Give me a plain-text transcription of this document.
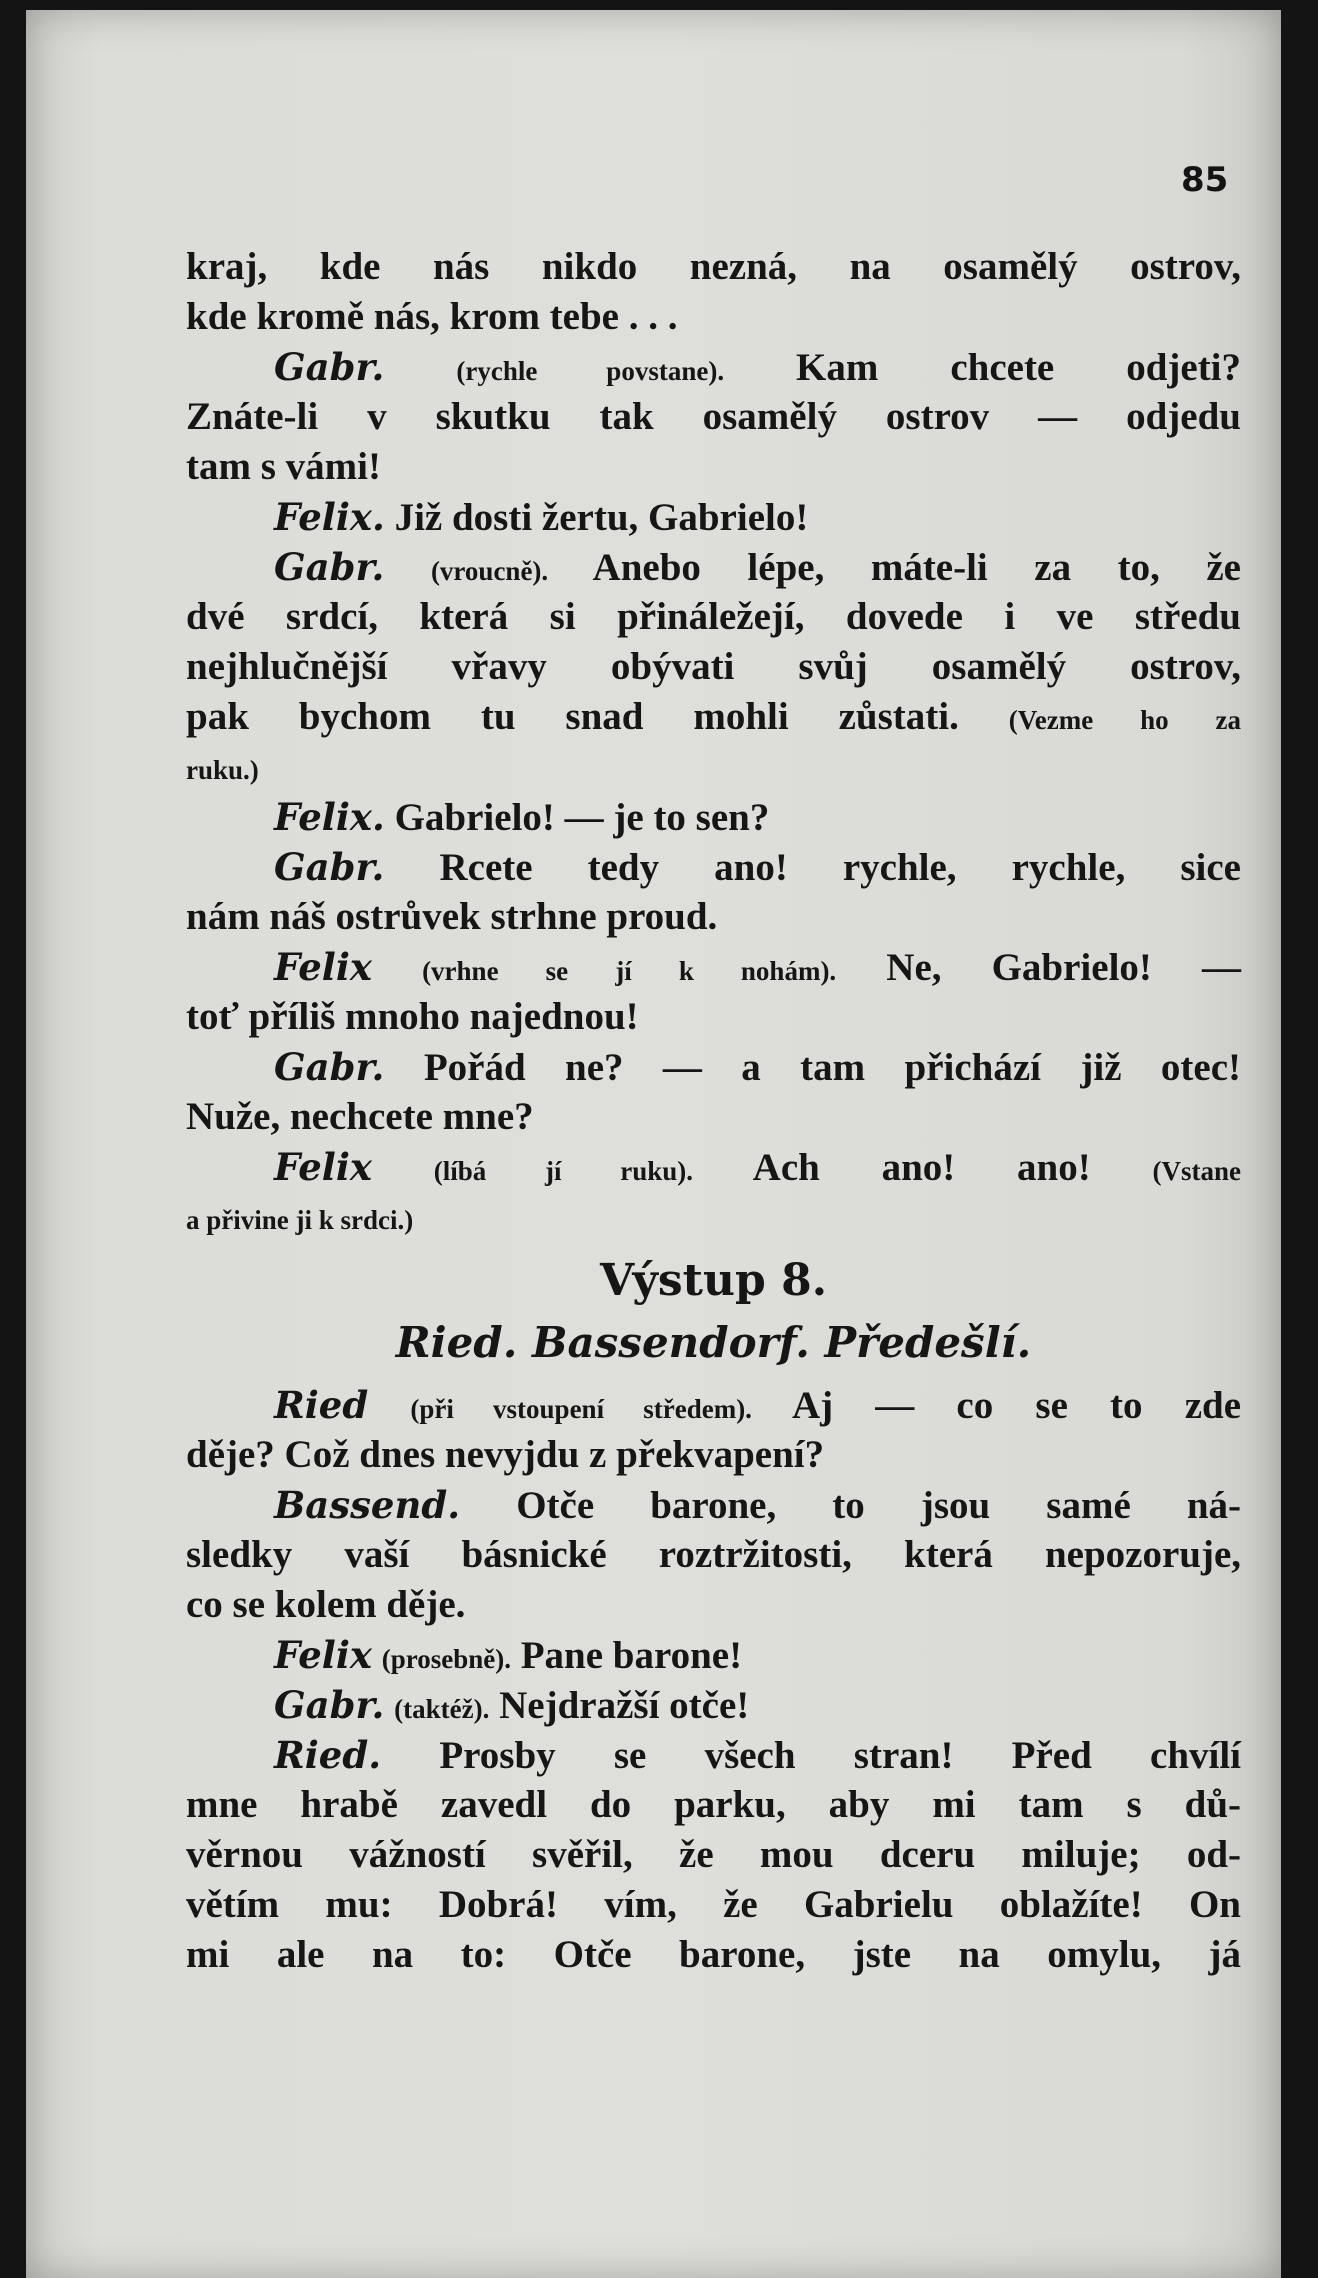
85
kraj, kde nás nikdo nezná, na osamělý ostrov,
kde kromě nás, krom tebe . . .
Gabr.	(rychle povstane). Kam chcete odjeti?
Znáte-li v skutku tak osamělý ostrov — odjedu
tam s vámi!
Felix. Již dosti žertu, Gabrielo!
Gabr. (vroucně). Anebo lépe, máte-li za to, že
dvé srdcí, která si přináležejí, dovede i ve středu
nejhlučnější vřavy obývati svůj osamělý ostrov,
pak bychom tu snad mohli zůstati. (Vezme ho za
ruku.)
Felix. Gabrielo! — je to sen?
Gabr. Rcete tedy ano! rychle, rychle, sice
nám náš ostrůvek strhne proud.
Felix (vrhne se jí k nohám). Ne, Gabrielo! —
toť příliš mnoho najednou!
Gabr. Pořád ne? — a tam přichází již otec!
Nuže, nechcete mne?
Felix (líbá jí ruku). Ach ano! ano! (Vstane
a přivine ji k srdci.)
Výstup 8.
Ried. Bassendorf. Předešlí.
Ried (při vstoupení středem). Aj — co se to zde
děje? Což dnes nevyjdu z překvapení?
Bassend. Otče barone, to jsou samé ná-
sledky vaší básnické roztržitosti, která nepozoruje,
co se kolem děje.
Felix (prosebně). Pane barone!
Gabr. (taktéž). Nejdražší otče!
Ried. Prosby se všech stran! Před chvílí
mne hrabě zavedl do parku, aby mi tam s dů-
věrnou vážností svěřil, že mou dceru miluje; od-
větím mu: Dobrá! vím, že Gabrielu oblažíte! On
mi ale na to: Otče barone, jste na omylu, já
